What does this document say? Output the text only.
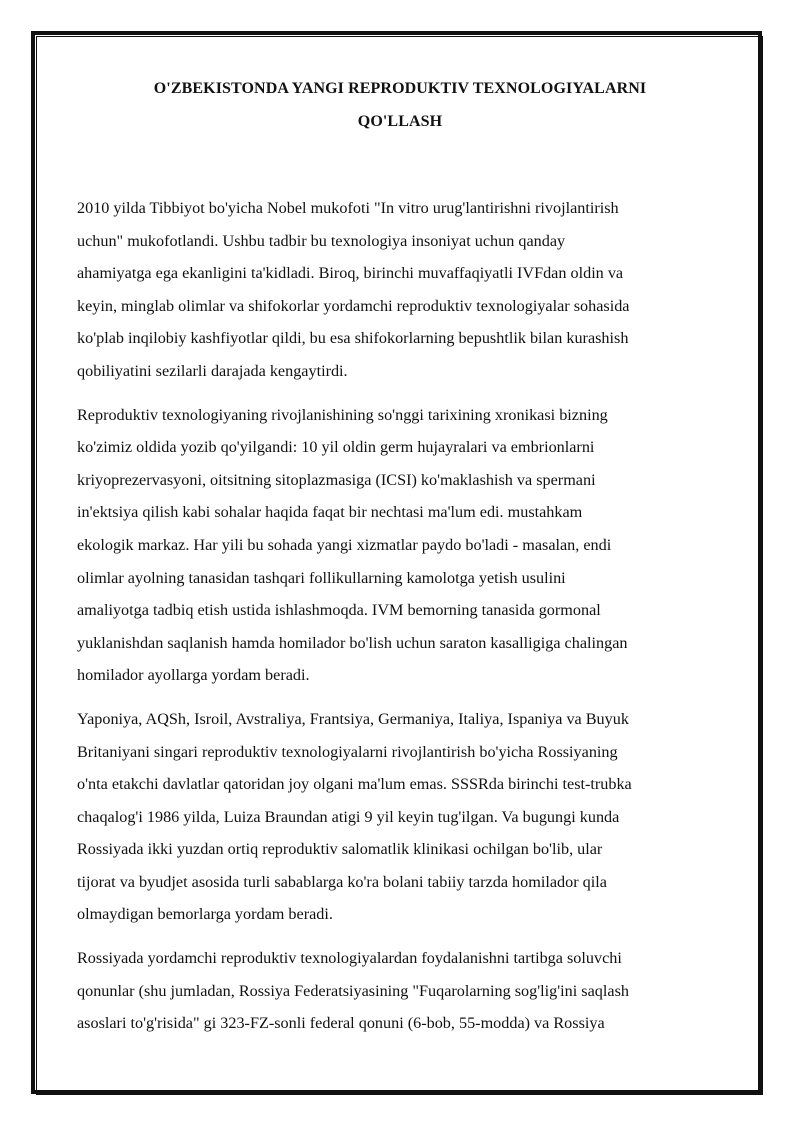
O'ZBEKISTONDA YANGI REPRODUKTIV TEXNOLOGIYALARNI
QO'LLASH

2010 yilda Tibbiyot bo'yicha Nobel mukofoti "In vitro urug'lantirishni rivojlantirish
uchun" mukofotlandi. Ushbu tadbir bu texnologiya insoniyat uchun qanday
ahamiyatga ega ekanligini ta'kidladi. Biroq, birinchi muvaffaqiyatli IVFdan oldin va
keyin, minglab olimlar va shifokorlar yordamchi reproduktiv texnologiyalar sohasida
ko'plab inqilobiy kashfiyotlar qildi, bu esa shifokorlarning bepushtlik bilan kurashish
qobiliyatini sezilarli darajada kengaytirdi.

Reproduktiv texnologiyaning rivojlanishining so'nggi tarixining xronikasi bizning
ko'zimiz oldida yozib qo'yilgandi: 10 yil oldin germ hujayralari va embrionlarni
kriyoprezervasyoni, oitsitning sitoplazmasiga (ICSI) ko'maklashish va spermani
in'ektsiya qilish kabi sohalar haqida faqat bir nechtasi ma'lum edi. mustahkam
ekologik markaz. Har yili bu sohada yangi xizmatlar paydo bo'ladi - masalan, endi
olimlar ayolning tanasidan tashqari follikullarning kamolotga yetish usulini
amaliyotga tadbiq etish ustida ishlashmoqda. IVM bemorning tanasida gormonal
yuklanishdan saqlanish hamda homilador bo'lish uchun saraton kasalligiga chalingan
homilador ayollarga yordam beradi.

Yaponiya, AQSh, Isroil, Avstraliya, Frantsiya, Germaniya, Italiya, Ispaniya va Buyuk
Britaniyani singari reproduktiv texnologiyalarni rivojlantirish bo'yicha Rossiyaning
o'nta etakchi davlatlar qatoridan joy olgani ma'lum emas. SSSRda birinchi test-trubka
chaqalog'i 1986 yilda, Luiza Braundan atigi 9 yil keyin tug'ilgan. Va bugungi kunda
Rossiyada ikki yuzdan ortiq reproduktiv salomatlik klinikasi ochilgan bo'lib, ular
tijorat va byudjet asosida turli sabablarga ko'ra bolani tabiiy tarzda homilador qila
olmaydigan bemorlarga yordam beradi.

Rossiyada yordamchi reproduktiv texnologiyalardan foydalanishni tartibga soluvchi
qonunlar (shu jumladan, Rossiya Federatsiyasining "Fuqarolarning sog'lig'ini saqlash
asoslari to'g'risida" gi 323-FZ-sonli federal qonuni (6-bob, 55-modda) va Rossiya
